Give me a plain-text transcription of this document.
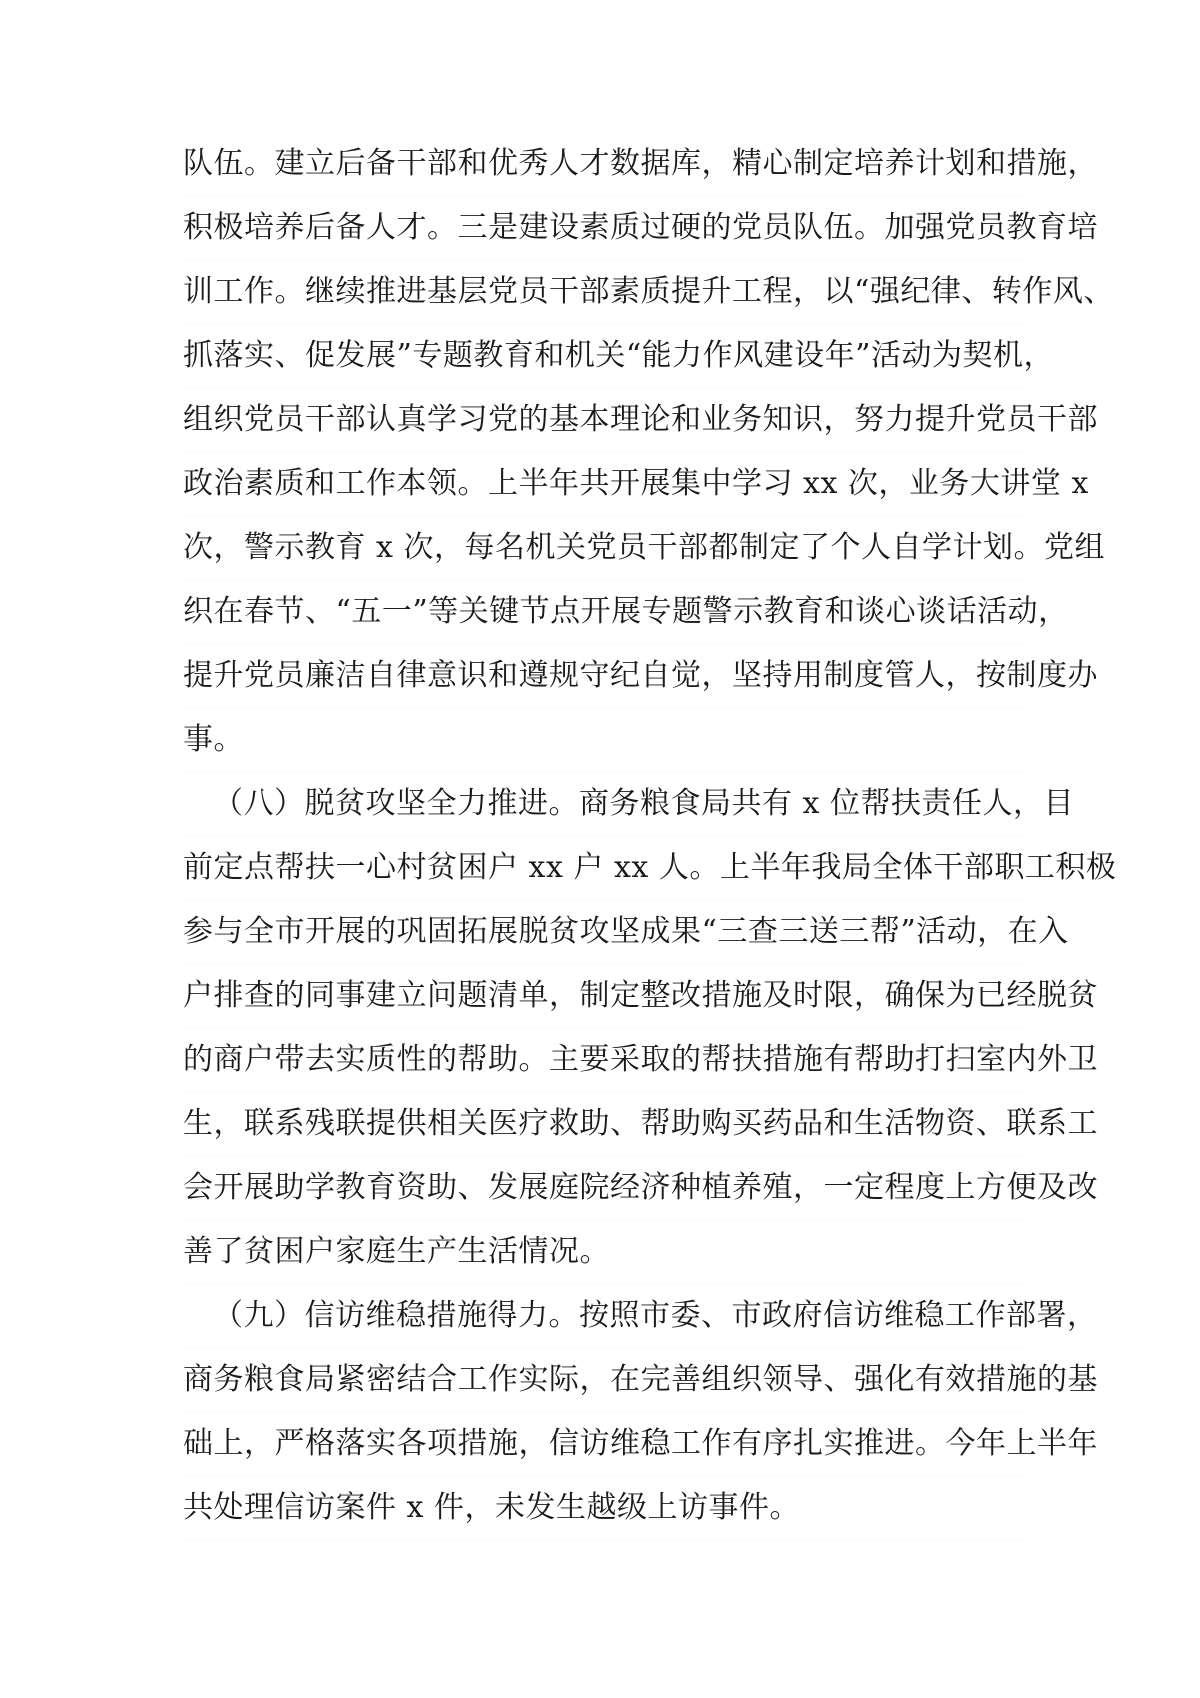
队伍。建立后备干部和优秀人才数据库，精心制定培养计划和措施，
积极培养后备人才。三是建设素质过硬的党员队伍。加强党员教育培
训工作。继续推进基层党员干部素质提升工程，以“强纪律、转作风、
抓落实、促发展”专题教育和机关“能力作风建设年”活动为契机，
组织党员干部认真学习党的基本理论和业务知识，努力提升党员干部
政治素质和工作本领。上半年共开展集中学习 xx 次，业务大讲堂 x
次，警示教育 x 次，每名机关党员干部都制定了个人自学计划。党组
织在春节、“五一”等关键节点开展专题警示教育和谈心谈话活动，
提升党员廉洁自律意识和遵规守纪自觉，坚持用制度管人，按制度办
事。
（八）脱贫攻坚全力推进。商务粮食局共有 x 位帮扶责任人，目
前定点帮扶一心村贫困户 xx 户 xx 人。上半年我局全体干部职工积极
参与全市开展的巩固拓展脱贫攻坚成果“三查三送三帮”活动，在入
户排查的同事建立问题清单，制定整改措施及时限，确保为已经脱贫
的商户带去实质性的帮助。主要采取的帮扶措施有帮助打扫室内外卫
生，联系残联提供相关医疗救助、帮助购买药品和生活物资、联系工
会开展助学教育资助、发展庭院经济种植养殖，一定程度上方便及改
善了贫困户家庭生产生活情况。
（九）信访维稳措施得力。按照市委、市政府信访维稳工作部署，
商务粮食局紧密结合工作实际，在完善组织领导、强化有效措施的基
础上，严格落实各项措施，信访维稳工作有序扎实推进。今年上半年
共处理信访案件 x 件，未发生越级上访事件。
